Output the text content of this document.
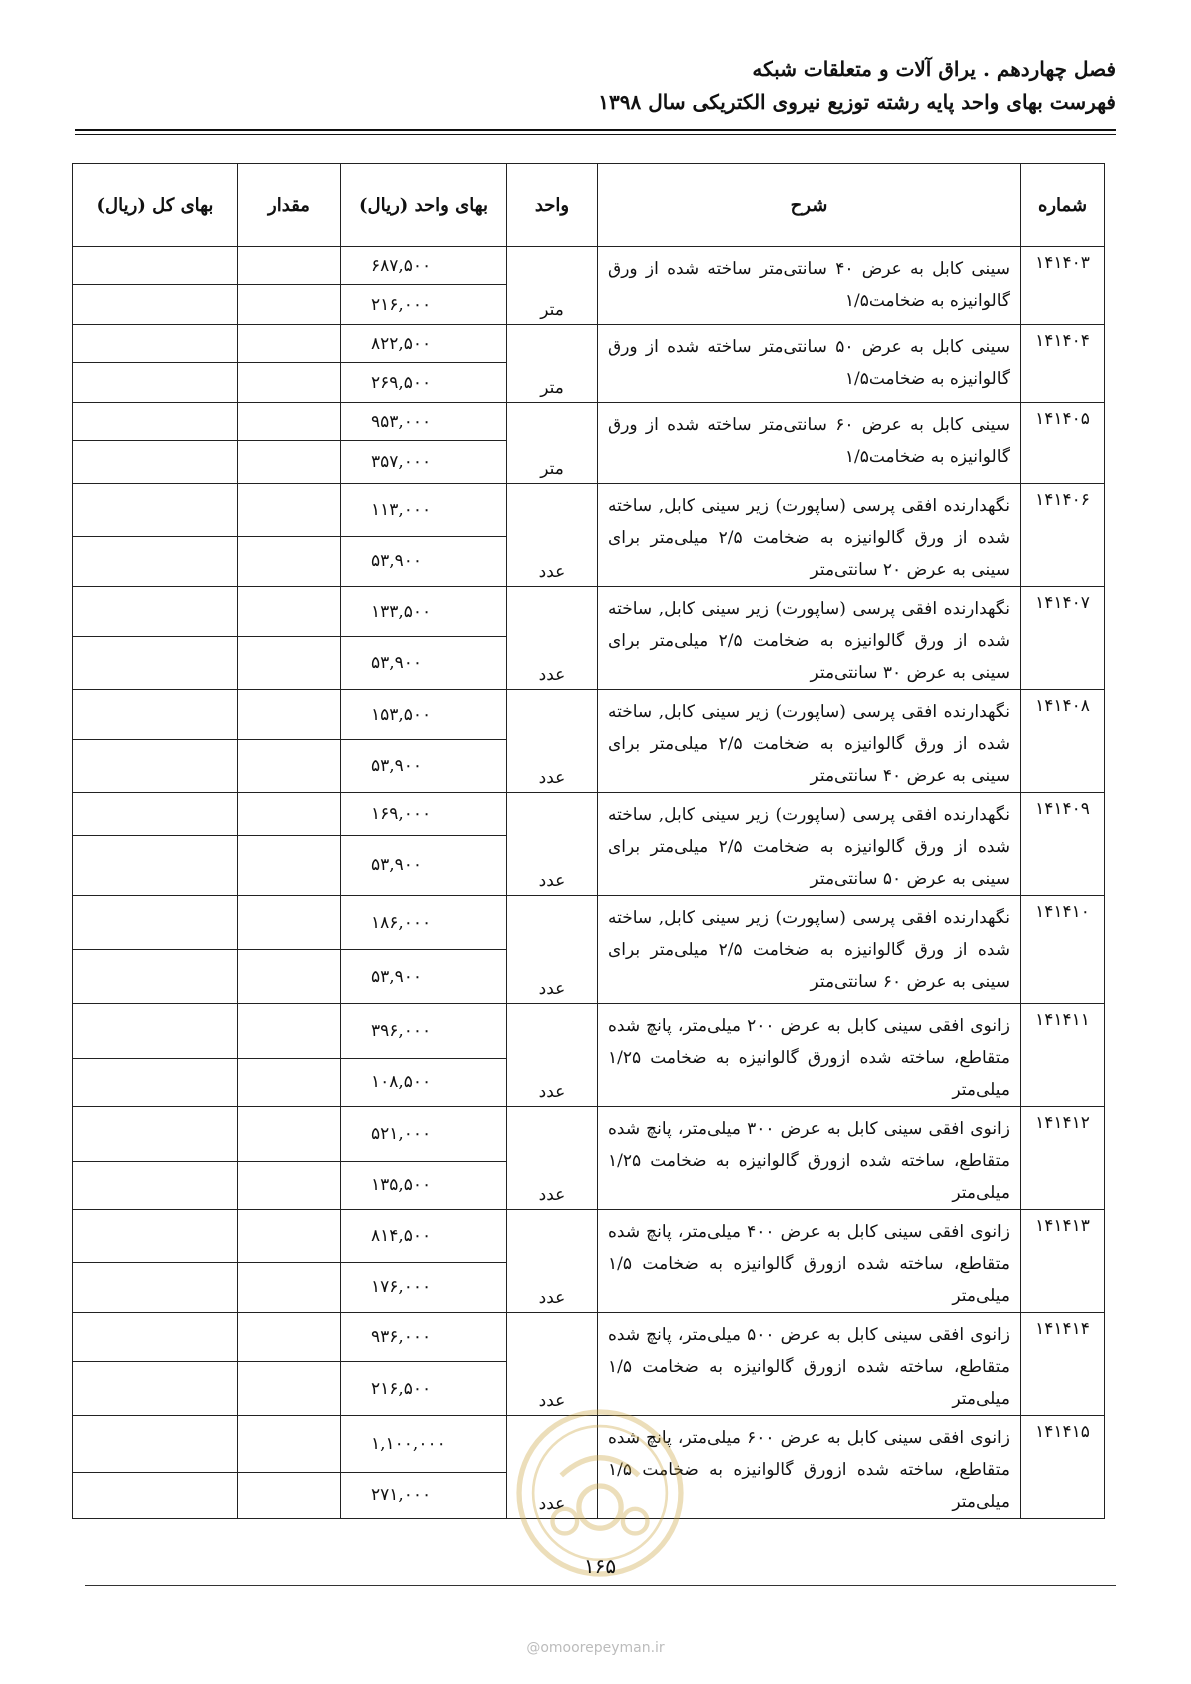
فصل چهاردهم . یراق آلات و متعلقات شبکه
فهرست بهای واحد پایه رشته توزیع نیروی الکتریکی سال ۱۳۹۸
شماره	شرح	واحد	بهای واحد (ریال)	مقدار	بهای کل (ریال)
۱۴۱۴۰۳	سینی کابل به عرض ۴۰ سانتی‌متر ساخته شده از ورق گالوانیزه به ضخامت۱/۵	متر	۶۸۷,۵۰۰		
			۲۱۶,۰۰۰		
۱۴۱۴۰۴	سینی کابل به عرض ۵۰ سانتی‌متر ساخته شده از ورق گالوانیزه به ضخامت۱/۵	متر	۸۲۲,۵۰۰		
			۲۶۹,۵۰۰		
۱۴۱۴۰۵	سینی کابل به عرض ۶۰ سانتی‌متر ساخته شده از ورق گالوانیزه به ضخامت۱/۵	متر	۹۵۳,۰۰۰		
			۳۵۷,۰۰۰		
۱۴۱۴۰۶	نگهدارنده افقی پرسی (ساپورت) زیر سینی کابل, ساخته شده از ورق گالوانیزه به ضخامت ۲/۵ میلی‌متر برای سینی به عرض ۲۰ سانتی‌متر	عدد	۱۱۳,۰۰۰		
			۵۳,۹۰۰		
۱۴۱۴۰۷	نگهدارنده افقی پرسی (ساپورت) زیر سینی کابل, ساخته شده از ورق گالوانیزه به ضخامت ۲/۵ میلی‌متر برای سینی به عرض ۳۰ سانتی‌متر	عدد	۱۳۳,۵۰۰		
			۵۳,۹۰۰		
۱۴۱۴۰۸	نگهدارنده افقی پرسی (ساپورت) زیر سینی کابل, ساخته شده از ورق گالوانیزه به ضخامت ۲/۵ میلی‌متر برای سینی به عرض ۴۰ سانتی‌متر	عدد	۱۵۳,۵۰۰		
			۵۳,۹۰۰		
۱۴۱۴۰۹	نگهدارنده افقی پرسی (ساپورت) زیر سینی کابل, ساخته شده از ورق گالوانیزه به ضخامت ۲/۵ میلی‌متر برای سینی به عرض ۵۰ سانتی‌متر	عدد	۱۶۹,۰۰۰		
			۵۳,۹۰۰		
۱۴۱۴۱۰	نگهدارنده افقی پرسی (ساپورت) زیر سینی کابل, ساخته شده از ورق گالوانیزه به ضخامت ۲/۵ میلی‌متر برای سینی به عرض ۶۰ سانتی‌متر	عدد	۱۸۶,۰۰۰		
			۵۳,۹۰۰		
۱۴۱۴۱۱	زانوی افقی سینی کابل به عرض ۲۰۰ میلی‌متر، پانچ شده متقاطع، ساخته شده ازورق گالوانیزه به ضخامت ۱/۲۵ میلی‌متر	عدد	۳۹۶,۰۰۰		
			۱۰۸,۵۰۰		
۱۴۱۴۱۲	زانوی افقی سینی کابل به عرض ۳۰۰ میلی‌متر، پانچ شده متقاطع، ساخته شده ازورق گالوانیزه به ضخامت ۱/۲۵ میلی‌متر	عدد	۵۲۱,۰۰۰		
			۱۳۵,۵۰۰		
۱۴۱۴۱۳	زانوی افقی سینی کابل به عرض ۴۰۰ میلی‌متر، پانچ شده متقاطع، ساخته شده ازورق گالوانیزه به ضخامت ۱/۵ میلی‌متر	عدد	۸۱۴,۵۰۰		
			۱۷۶,۰۰۰		
۱۴۱۴۱۴	زانوی افقی سینی کابل به عرض ۵۰۰ میلی‌متر، پانچ شده متقاطع، ساخته شده ازورق گالوانیزه به ضخامت ۱/۵ میلی‌متر	عدد	۹۳۶,۰۰۰		
			۲۱۶,۵۰۰		
۱۴۱۴۱۵	زانوی افقی سینی کابل به عرض ۶۰۰ میلی‌متر، پانچ شده متقاطع، ساخته شده ازورق گالوانیزه به ضخامت ۱/۵ میلی‌متر	عدد	۱,۱۰۰,۰۰۰		
			۲۷۱,۰۰۰		
۱۶۵
@omoorepeyman.ir
